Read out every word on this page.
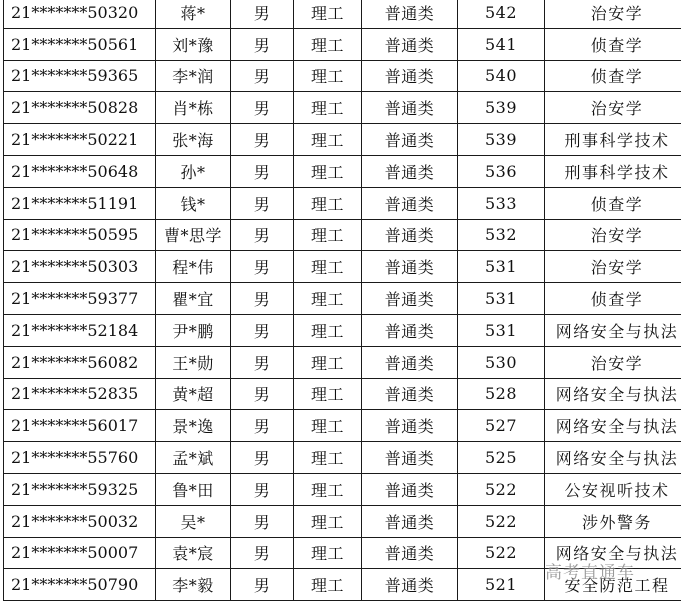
21*******50320	蒋*	男	理工	普通类	542	治安学
21*******50561	刘*豫	男	理工	普通类	541	侦查学
21*******59365	李*润	男	理工	普通类	540	侦查学
21*******50828	肖*栋	男	理工	普通类	539	治安学
21*******50221	张*海	男	理工	普通类	539	刑事科学技术
21*******50648	孙*	男	理工	普通类	536	刑事科学技术
21*******51191	钱*	男	理工	普通类	533	侦查学
21*******50595	曹*思学	男	理工	普通类	532	治安学
21*******50303	程*伟	男	理工	普通类	531	治安学
21*******59377	瞿*宜	男	理工	普通类	531	侦查学
21*******52184	尹*鹏	男	理工	普通类	531	网络安全与执法
21*******56082	王*勋	男	理工	普通类	530	治安学
21*******52835	黄*超	男	理工	普通类	528	网络安全与执法
21*******56017	景*逸	男	理工	普通类	527	网络安全与执法
21*******55760	孟*斌	男	理工	普通类	525	网络安全与执法
21*******59325	鲁*田	男	理工	普通类	522	公安视听技术
21*******50032	吴*	男	理工	普通类	522	涉外警务
21*******50007	袁*宸	男	理工	普通类	522	网络安全与执法
21*******50790	李*毅	男	理工	普通类	521	安全防范工程
高考直通车
